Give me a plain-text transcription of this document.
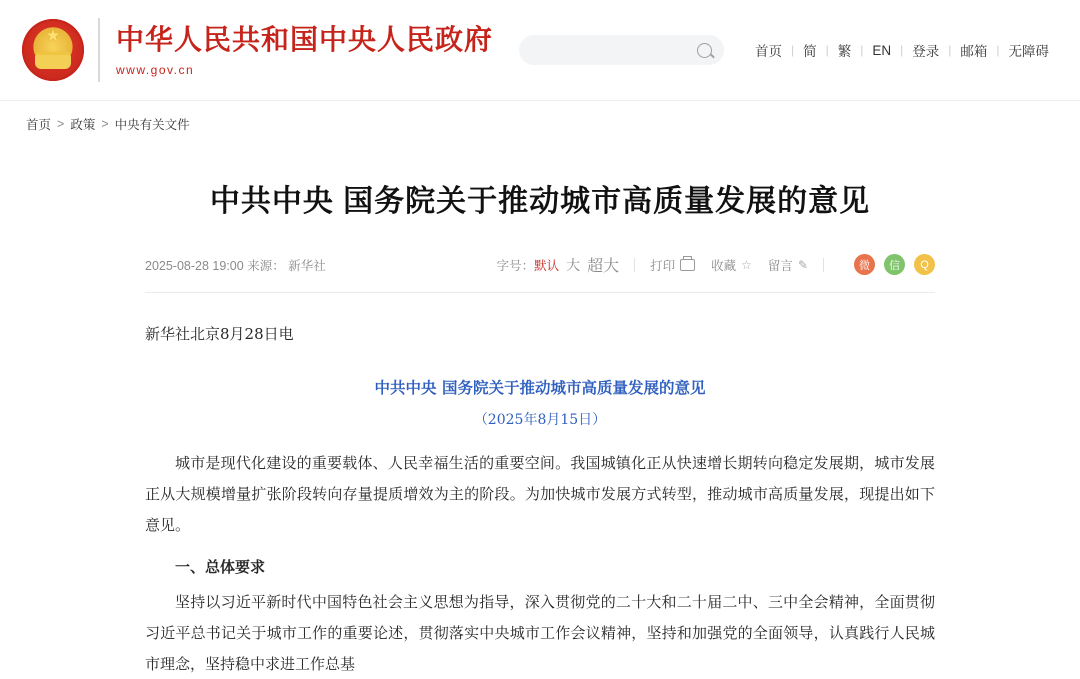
★
中华人民共和国中央人民政府
www.gov.cn
首页 | 简 | 繁 | EN | 登录 | 邮箱 | 无障碍
首页 > 政策 > 中央有关文件
中共中央 国务院关于推动城市高质量发展的意见
2025-08-28 19:00 来源： 新华社	字号： 默认 大 超大 打印	收藏 ☆ 留言 ✎	微	信	Q

新华社北京8月28日电

中共中央 国务院关于推动城市高质量发展的意见

（2025年8月15日）

城市是现代化建设的重要载体、人民幸福生活的重要空间。我国城镇化正从快速增长期转向稳定发展期，城市发展正从大规模增量扩张阶段转向存量提质增效为主的阶段。为加快城市发展方式转型，推动城市高质量发展，现提出如下意见。

一、总体要求

坚持以习近平新时代中国特色社会主义思想为指导，深入贯彻党的二十大和二十届二中、三中全会精神，全面贯彻习近平总书记关于城市工作的重要论述，贯彻落实中央城市工作会议精神，坚持和加强党的全面领导，认真践行人民城市理念，坚持稳中求进工作总基
